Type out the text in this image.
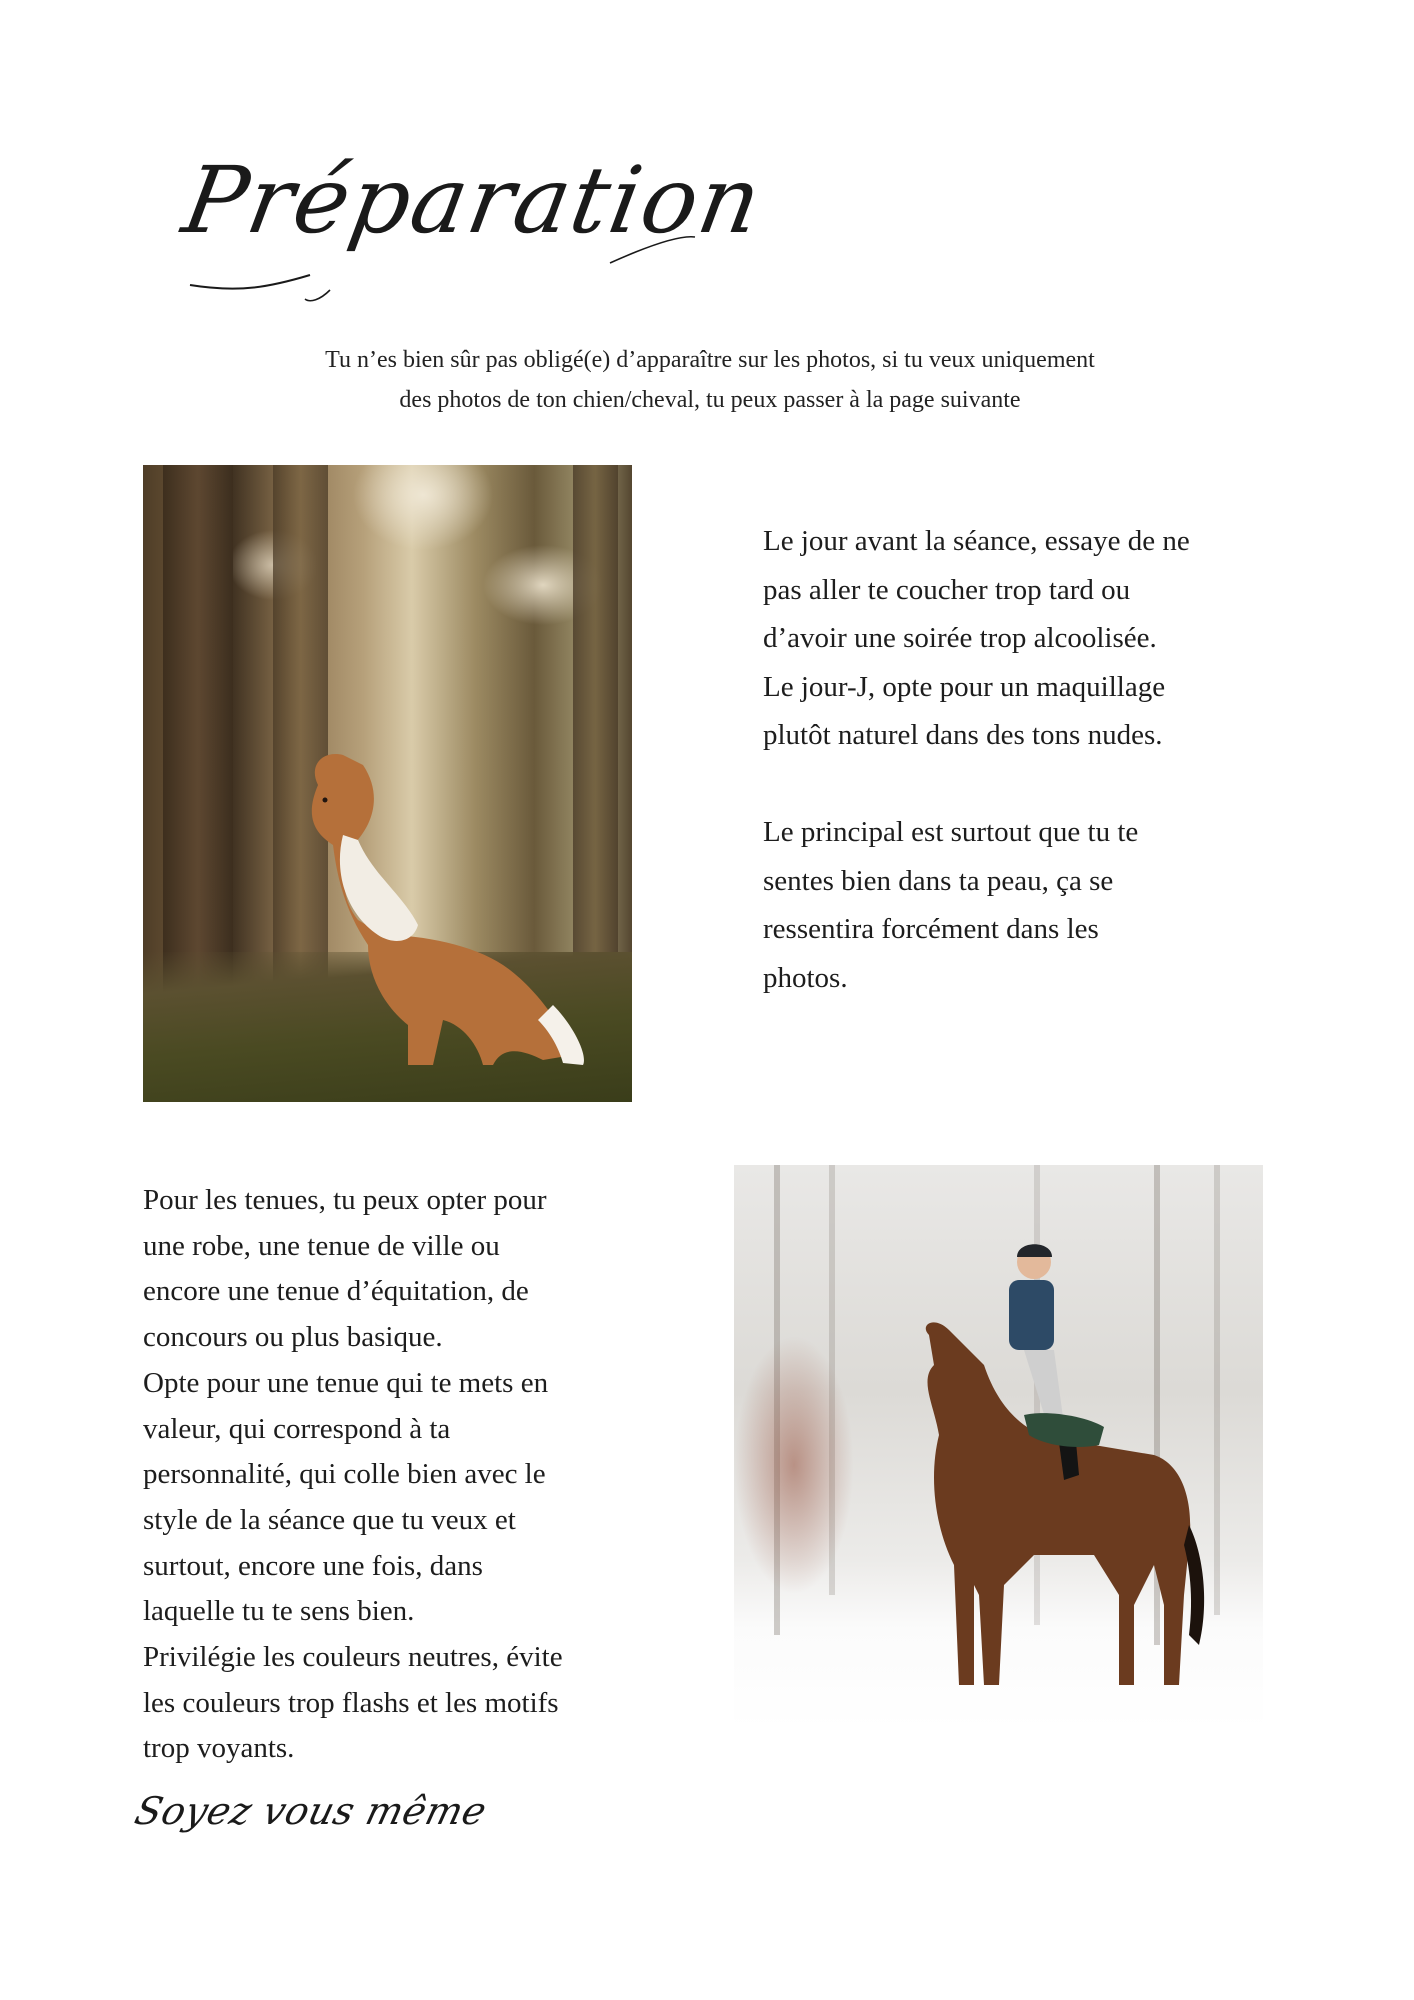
Préparation

Tu n’es bien sûr pas obligé(e) d’apparaître sur les photos, si tu veux uniquement
des photos de ton chien/cheval, tu peux passer à la page suivante

Le jour avant la séance, essaye de ne
pas aller te coucher trop tard ou
d’avoir une soirée trop alcoolisée.
Le jour-J, opte pour un maquillage
plutôt naturel dans des tons nudes.
Le principal est surtout que tu te
sentes bien dans ta peau, ça se
ressentira forcément dans les
photos.
Pour les tenues, tu peux opter pour
une robe, une tenue de ville ou
encore une tenue d’équitation, de
concours ou plus basique.
Opte pour une tenue qui te mets en
valeur, qui correspond à ta
personnalité, qui colle bien avec le
style de la séance que tu veux et
surtout, encore une fois, dans
laquelle tu te sens bien.
Privilégie les couleurs neutres, évite
les couleurs trop flashs et les motifs
trop voyants.
Soyez vous même
